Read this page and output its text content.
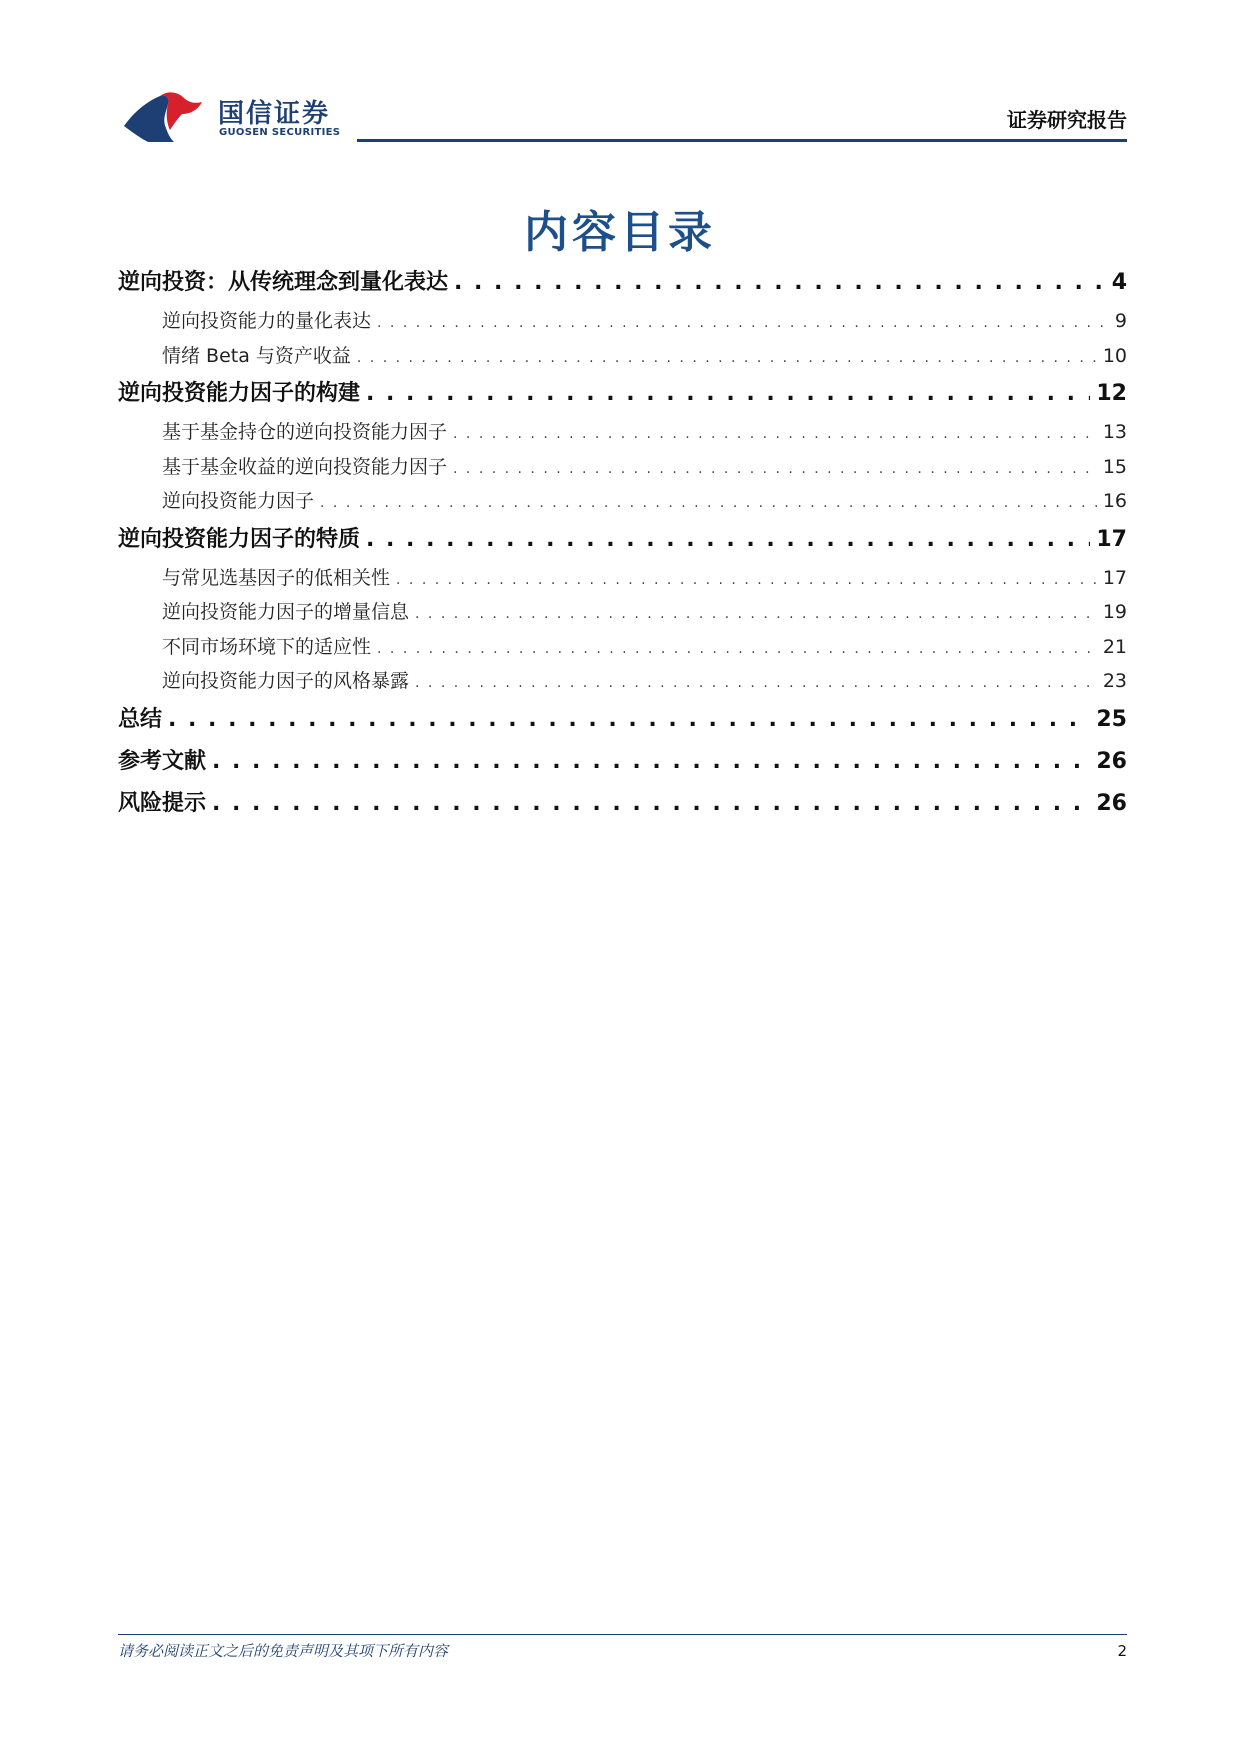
国信证券
GUOSEN SECURITIES
证券研究报告
内容目录
逆向投资：从传统理念到量化表达 . . .	4
逆向投资能力的量化表达 . . .	9
情绪 Beta 与资产收益 . . .	10
逆向投资能力因子的构建 . . .	12
基于基金持仓的逆向投资能力因子 . . .	13
基于基金收益的逆向投资能力因子 . . .	15
逆向投资能力因子 . . .	16
逆向投资能力因子的特质 . . .	17
与常见选基因子的低相关性 . . .	17
逆向投资能力因子的增量信息 . . .	19
不同市场环境下的适应性 . . .	21
逆向投资能力因子的风格暴露 . . .	23
总结 . . .	25
参考文献 . . .	26
风险提示 . . .	26
请务必阅读正文之后的免责声明及其项下所有内容	2
